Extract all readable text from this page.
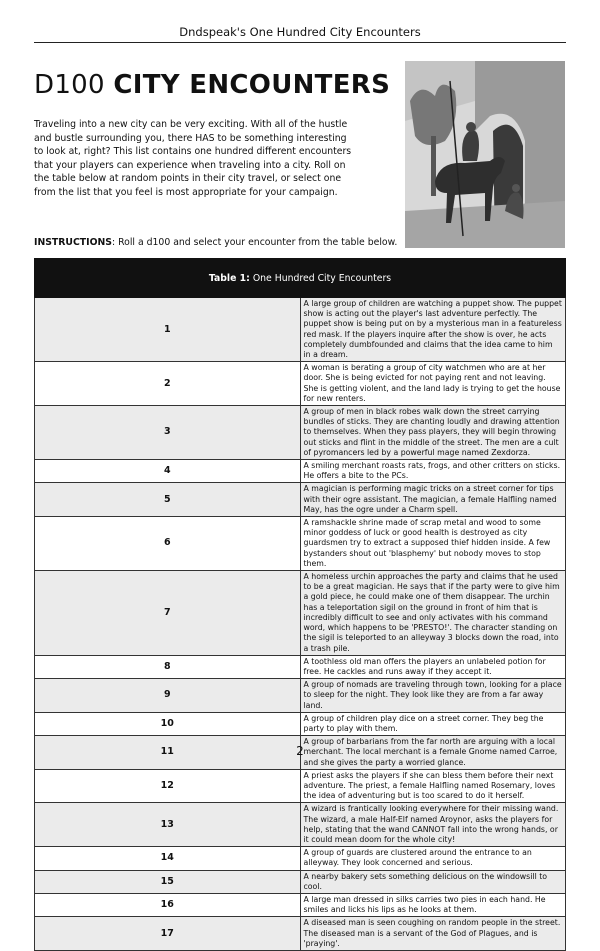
Dndspeak's One Hundred City Encounters
D100 CITY ENCOUNTERS
Traveling into a new city can be very exciting. With all of the hustle and bustle surrounding you, there HAS to be something interesting to look at, right? This list contains one hundred different encounters that your players can experience when traveling into a city. Roll on the table below at random points in their city travel, or select one from the list that you feel is most appropriate for your campaign.
INSTRUCTIONS: Roll a d100 and select your encounter from the table below.
Table 1: One Hundred City Encounters	
1	A large group of children are watching a puppet show. The puppet show is acting out the player's last adventure perfectly. The puppet show is being put on by a mysterious man in a featureless red mask. If the players inquire after the show is over, he acts completely dumbfounded and claims that the idea came to him in a dream.
2	A woman is berating a group of city watchmen who are at her door. She is being evicted for not paying rent and not leaving. She is getting violent, and the land lady is trying to get the house for new renters.
3	A group of men in black robes walk down the street carrying bundles of sticks. They are chanting loudly and drawing attention to themselves. When they pass players, they will begin throwing out sticks and flint in the middle of the street. The men are a cult of pyromancers led by a powerful mage named Zexdorza.
4	A smiling merchant roasts rats, frogs, and other critters on sticks. He offers a bite to the PCs.
5	A magician is performing magic tricks on a street corner for tips with their ogre assistant. The magician, a female Halfling named May, has the ogre under a Charm spell.
6	A ramshackle shrine made of scrap metal and wood to some minor goddess of luck or good health is destroyed as city guardsmen try to extract a supposed thief hidden inside. A few bystanders shout out 'blasphemy' but nobody moves to stop them.
7	A homeless urchin approaches the party and claims that he used to be a great magician. He says that if the party were to give him a gold piece, he could make one of them disappear. The urchin has a teleportation sigil on the ground in front of him that is incredibly difficult to see and only activates with his command word, which happens to be 'PRESTO!'. The character standing on the sigil is teleported to an alleyway 3 blocks down the road, into a trash pile.
8	A toothless old man offers the players an unlabeled potion for free. He cackles and runs away if they accept it.
9	A group of nomads are traveling through town, looking for a place to sleep for the night. They look like they are from a far away land.
10	A group of children play dice on a street corner. They beg the party to play with them.
11	A group of barbarians from the far north are arguing with a local merchant. The local merchant is a female Gnome named Carroe, and she gives the party a worried glance.
12	A priest asks the players if she can bless them before their next adventure. The priest, a female Halfling named Rosemary, loves the idea of adventuring but is too scared to do it herself.
13	A wizard is frantically looking everywhere for their missing wand. The wizard, a male Half-Elf named Aroynor, asks the players for help, stating that the wand CANNOT fall into the wrong hands, or it could mean doom for the whole city!
14	A group of guards are clustered around the entrance to an alleyway. They look concerned and serious.
15	A nearby bakery sets something delicious on the windowsill to cool.
16	A large man dressed in silks carries two pies in each hand. He smiles and licks his lips as he looks at them.
17	A diseased man is seen coughing on random people in the street. The diseased man is a servant of the God of Plagues, and is 'praying'.
2
